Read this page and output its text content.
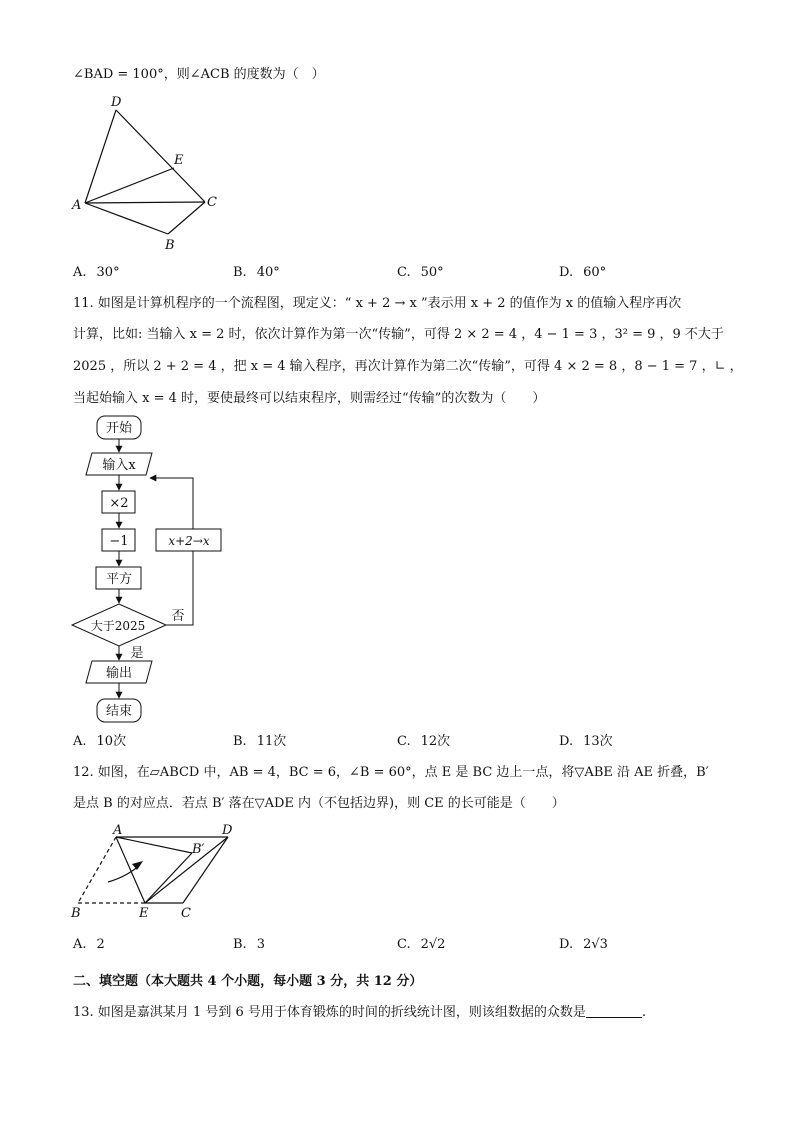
∠BAD = 100°，则∠ACB 的度数为（　）
D
E
A	C
B
A. 30°	B. 40°	C. 50°	D. 60°
11. 如图是计算机程序的一个流程图，现定义：“ x + 2 → x ”表示用 x + 2 的值作为 x 的值输入程序再次
计算，比如: 当输入 x = 2 时，依次计算作为第一次“传输”，可得 2 × 2 = 4 ，4 − 1 = 3 ，3² = 9 ，9 不大于
2025 ，所以 2 + 2 = 4 ，把 x = 4 输入程序，再次计算作为第二次“传输”，可得 4 × 2 = 8 ，8 − 1 = 7 ，∟ ，
当起始输入 x = 4 时，要使最终可以结束程序，则需经过“传输”的次数为（　　）
开始
输入x
×2
−1
平方
大于2025
x+2→x
否
是
输出
结束
A. 10次	B. 11次	C. 12次	D. 13次
12. 如图，在▱ABCD 中，AB = 4，BC = 6，∠B = 60°，点 E 是 BC 边上一点，将▽ABE 沿 AE 折叠，B′
是点 B 的对应点．若点 B′ 落在▽ADE 内（不包括边界)，则 CE 的长可能是（　　）
A	D
B′
B	E	C
A. 2	B. 3	C. 2√2	D. 2√3
二、填空题（本大题共 4 个小题，每小题 3 分，共 12 分）
13. 如图是嘉淇某月 1 号到 6 号用于体育锻炼的时间的折线统计图，则该组数据的众数是	.
